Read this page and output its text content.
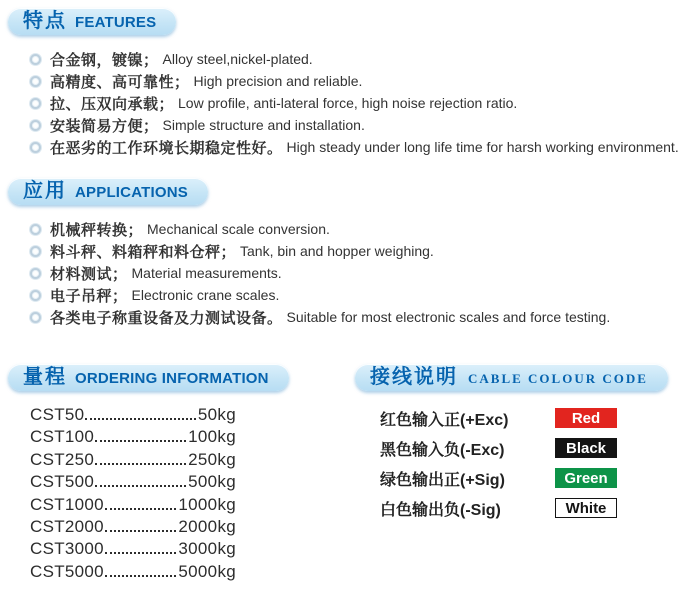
特点 FEATURES
合金钢，镀镍； Alloy steel,nickel-plated.
高精度、高可靠性； High precision and reliable.
拉、压双向承载； Low profile, anti-lateral force, high noise rejection ratio.
安装简易方便； Simple structure and installation.
在恶劣的工作环境长期稳定性好。 High steady under long life time for harsh working environment.
应用 APPLICATIONS
机械秤转换； Mechanical scale conversion.
料斗秤、料箱秤和料仓秤； Tank, bin and hopper weighing.
材料测试； Material measurements.
电子吊秤； Electronic crane scales.
各类电子称重设备及力测试设备。 Suitable for most electronic scales and force testing.
量程 ORDERING INFORMATION
CST50	50kg
CST100	100kg
CST250	250kg
CST500	500kg
CST1000	1000kg
CST2000	2000kg
CST3000	3000kg
CST5000	5000kg
接线说明 CABLE COLOUR CODE
红色输入正(+Exc)	Red
黑色输入负(-Exc)	Black
绿色输出正(+Sig)	Green
白色输出负(-Sig)	White
